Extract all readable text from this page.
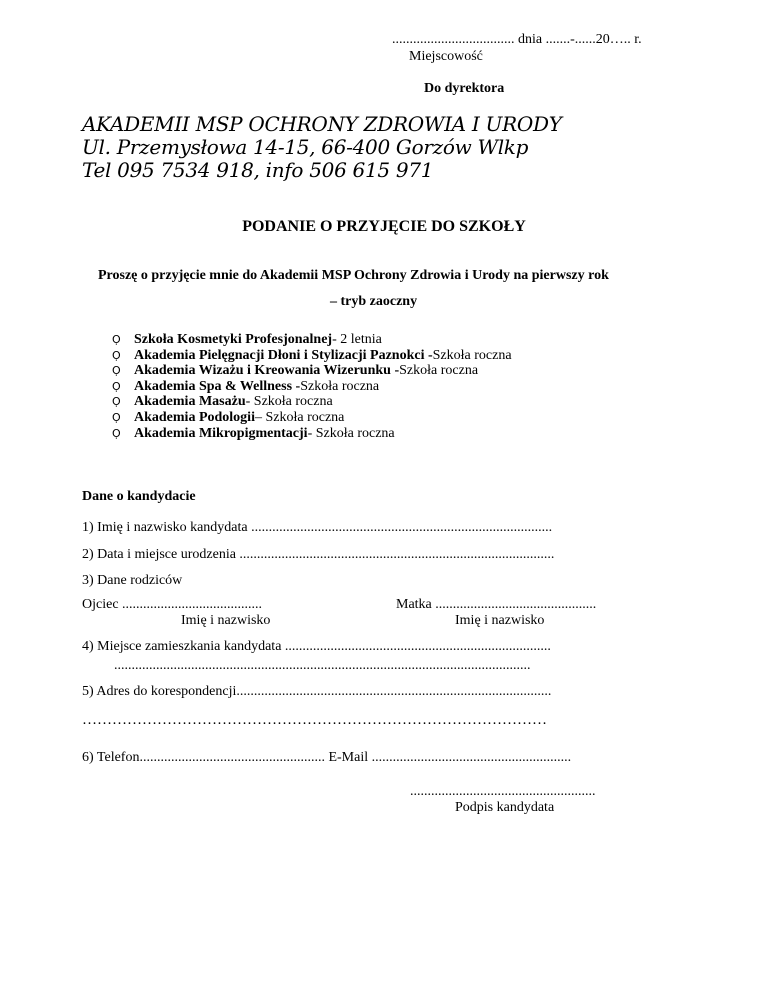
................................... dnia .......-......20….. r.
Miejscowość
Do dyrektora
AKADEMII MSP OCHRONY ZDROWIA I URODY
Ul. Przemysłowa 14-15, 66-400 Gorzów Wlkp
Tel 095 7534 918, info 506 615 971
PODANIE O PRZYJĘCIE DO SZKOŁY
Proszę o przyjęcie mnie do Akademii MSP Ochrony Zdrowia i Urody na pierwszy rok
– tryb zaoczny
Ọ Szkoła Kosmetyki Profesjonalnej - 2 letnia
Ọ Akademia Pielęgnacji Dłoni i Stylizacji Paznokci - Szkoła roczna
Ọ Akademia Wizażu i Kreowania Wizerunku - Szkoła roczna
Ọ Akademia Spa & Wellness - Szkoła roczna
Ọ Akademia Masażu - Szkoła roczna
Ọ Akademia Podologii – Szkoła roczna
Ọ Akademia Mikropigmentacji - Szkoła roczna
Dane o kandydacie
1) Imię i nazwisko kandydata ......................................................................................
2) Data i miejsce urodzenia ..........................................................................................
3) Dane rodziców
Ojciec ........................................
Imię i nazwisko
Matka ..............................................
Imię i nazwisko
4) Miejsce zamieszkania kandydata ............................................................................
.......................................................................................................................
5) Adres do korespondencji..........................................................................................
…………………………………………………………………………………
6) Telefon..................................................... E-Mail .........................................................
.....................................................
Podpis kandydata
